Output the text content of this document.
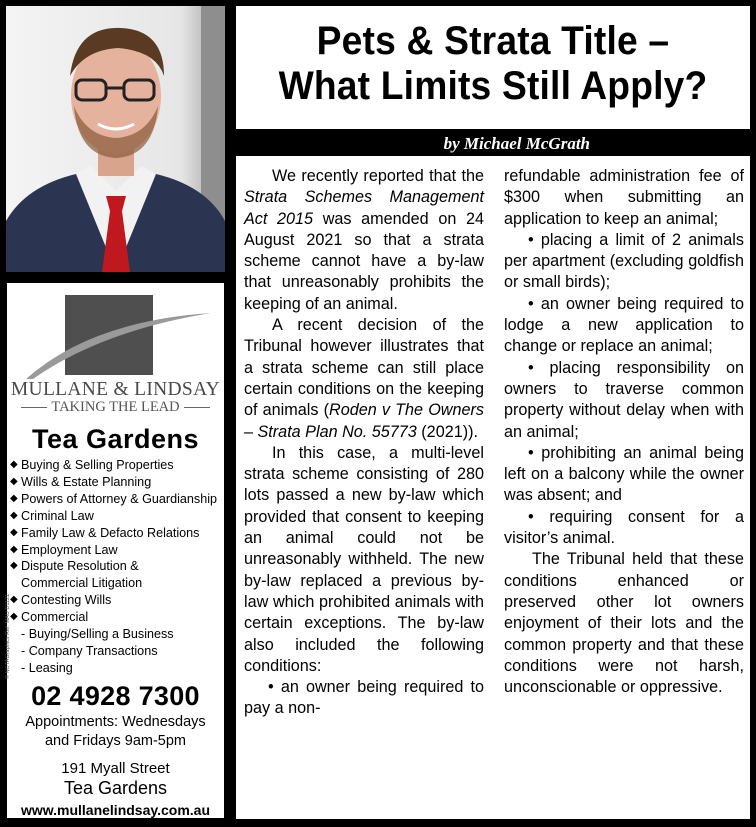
MULLANE & LINDSAY
TAKING THE LEAD
Tea Gardens
◆ Buying & Selling Properties
◆ Wills & Estate Planning
◆ Powers of Attorney & Guardianship
◆ Criminal Law
◆ Family Law & Defacto Relations
◆ Employment Law
◆ Dispute Resolution &
Commercial Litigation
◆ Contesting Wills
◆ Commercial
- Buying/Selling a Business
- Company Transactions
- Leasing
02 4928 7300
Appointments: Wednesdays
and Fridays 9am-5pm
191 Myall Street
Tea Gardens
www.mullanelindsay.com.au
© NOTAGraphics Ref: MAU D1121
Pets & Strata Title –
What Limits Still Apply?
by Michael McGrath

We recently reported that the Strata Schemes Management Act 2015 was amended on 24 August 2021 so that a strata scheme cannot have a by-law that unreasonably prohibits the keeping of an animal.

A recent decision of the Tribunal however illustrates that a strata scheme can still place certain conditions on the keeping of animals (Roden v The Owners – Strata Plan No. 55773 (2021)).

In this case, a multi-level strata scheme consisting of 280 lots passed a new by-law which provided that consent to keeping an animal could not be unreasonably withheld. The new by-law replaced a previous by-law which prohibited animals with certain exceptions. The by-law also included the following conditions:

• an owner being required to pay a non-

refundable administration fee of $300 when submitting an application to keep an animal;

• placing a limit of 2 animals per apartment (excluding goldfish or small birds);

• an owner being required to lodge a new application to change or replace an animal;

• placing responsibility on owners to traverse common property without delay when with an animal;

• prohibiting an animal being left on a balcony while the owner was absent; and

• requiring consent for a visitor’s animal.

The Tribunal held that these conditions enhanced or preserved other lot owners enjoyment of their lots and the common property and that these conditions were not harsh, unconscionable or oppressive.
